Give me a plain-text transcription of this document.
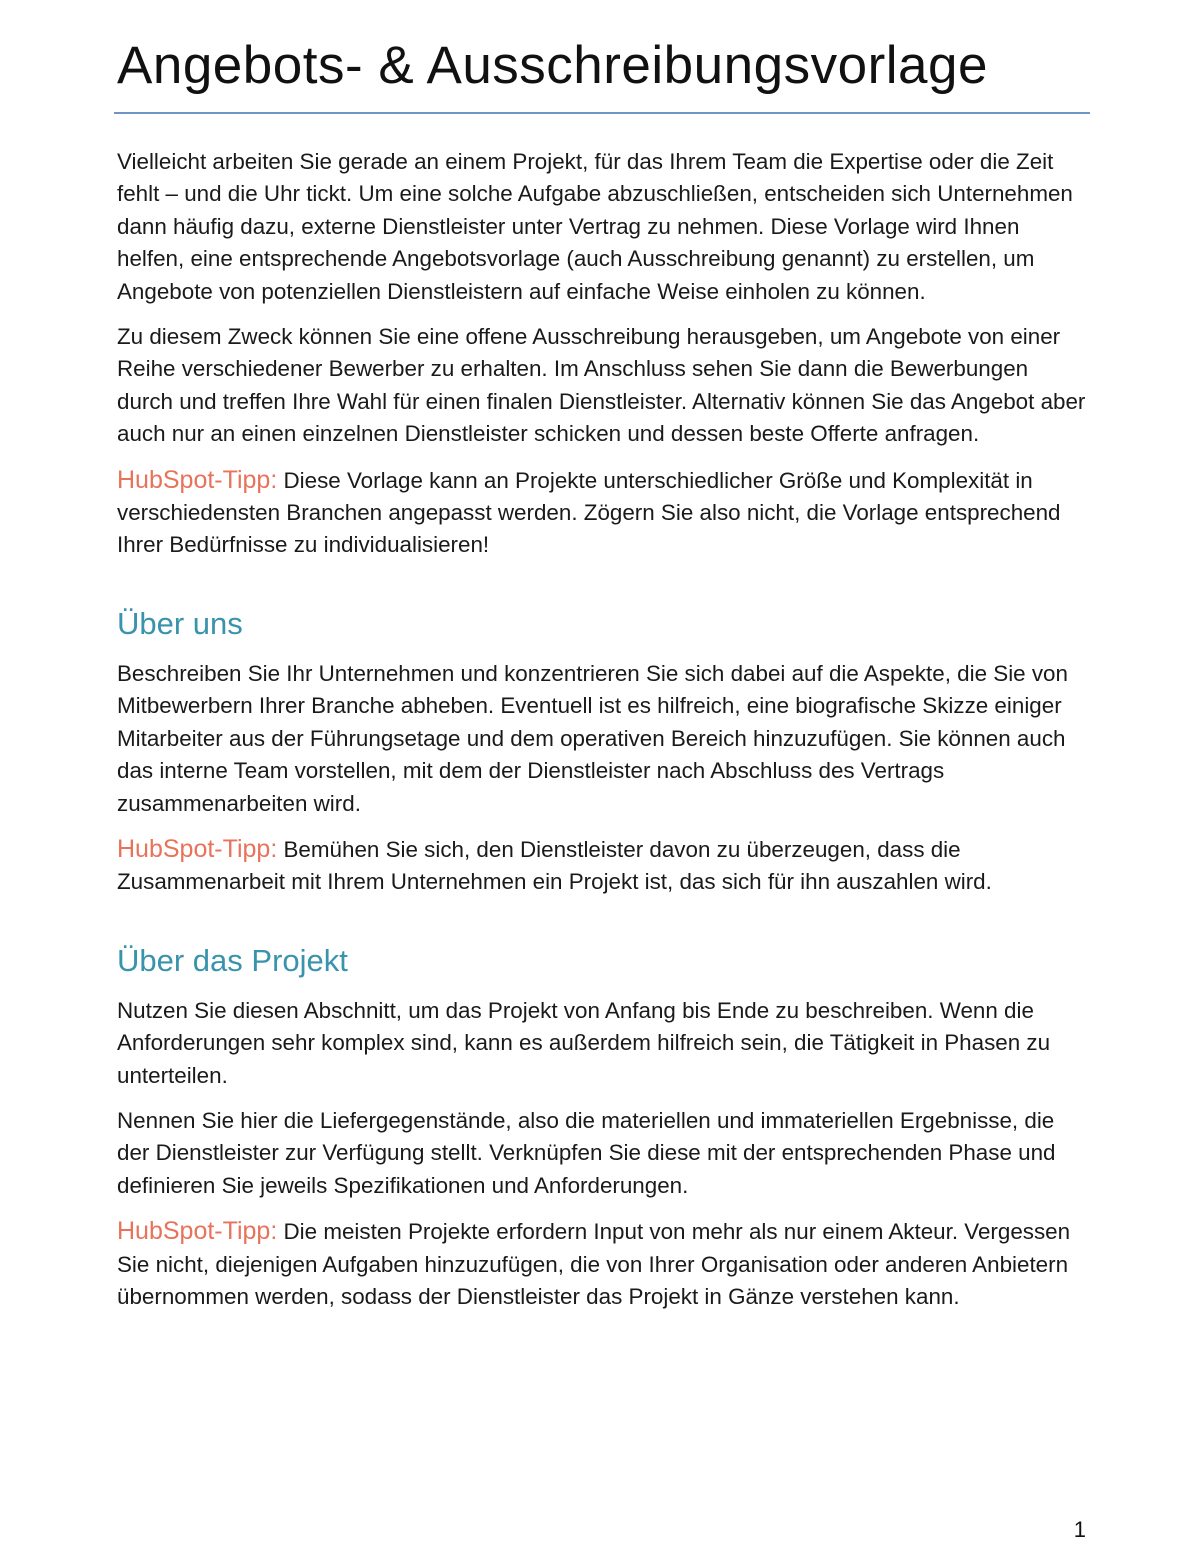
Angebots- & Ausschreibungsvorlage

Vielleicht arbeiten Sie gerade an einem Projekt, für das Ihrem Team die Expertise oder die Zeit fehlt – und die Uhr tickt. Um eine solche Aufgabe abzuschließen, entscheiden sich Unternehmen dann häufig dazu, externe Dienstleister unter Vertrag zu nehmen. Diese Vorlage wird Ihnen helfen, eine entsprechende Angebotsvorlage (auch Ausschreibung genannt) zu erstellen, um Angebote von potenziellen Dienstleistern auf einfache Weise einholen zu können.

Zu diesem Zweck können Sie eine offene Ausschreibung herausgeben, um Angebote von einer Reihe verschiedener Bewerber zu erhalten. Im Anschluss sehen Sie dann die Bewerbungen durch und treffen Ihre Wahl für einen finalen Dienstleister. Alternativ können Sie das Angebot aber auch nur an einen einzelnen Dienstleister schicken und dessen beste Offerte anfragen.

HubSpot-Tipp: Diese Vorlage kann an Projekte unterschiedlicher Größe und Komplexität in verschiedensten Branchen angepasst werden. Zögern Sie also nicht, die Vorlage entsprechend Ihrer Bedürfnisse zu individualisieren!

Über uns

Beschreiben Sie Ihr Unternehmen und konzentrieren Sie sich dabei auf die Aspekte, die Sie von Mitbewerbern Ihrer Branche abheben. Eventuell ist es hilfreich, eine biografische Skizze einiger Mitarbeiter aus der Führungsetage und dem operativen Bereich hinzuzufügen. Sie können auch das interne Team vorstellen, mit dem der Dienstleister nach Abschluss des Vertrags zusammenarbeiten wird.

HubSpot-Tipp: Bemühen Sie sich, den Dienstleister davon zu überzeugen, dass die Zusammenarbeit mit Ihrem Unternehmen ein Projekt ist, das sich für ihn auszahlen wird.

Über das Projekt

Nutzen Sie diesen Abschnitt, um das Projekt von Anfang bis Ende zu beschreiben. Wenn die Anforderungen sehr komplex sind, kann es außerdem hilfreich sein, die Tätigkeit in Phasen zu unterteilen.

Nennen Sie hier die Liefergegenstände, also die materiellen und immateriellen Ergebnisse, die der Dienstleister zur Verfügung stellt. Verknüpfen Sie diese mit der entsprechenden Phase und definieren Sie jeweils Spezifikationen und Anforderungen.

HubSpot-Tipp: Die meisten Projekte erfordern Input von mehr als nur einem Akteur. Vergessen Sie nicht, diejenigen Aufgaben hinzuzufügen, die von Ihrer Organisation oder anderen Anbietern übernommen werden, sodass der Dienstleister das Projekt in Gänze verstehen kann.

1
